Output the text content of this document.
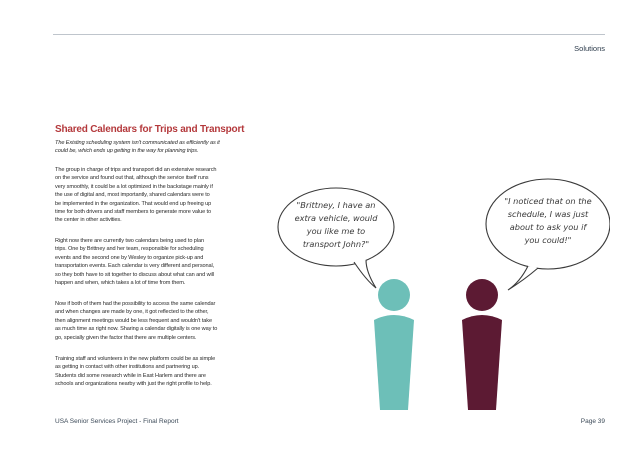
Solutions
Shared Calendars for Trips and Transport
The Existing scheduling system isn't communicated as efficiently as it
could be, which ends up getting in the way for planning trips.
The group in charge of trips and transport did an extensive research
on the service and found out that, although the service itself runs
very smoothly, it could be a lot optimized in the backstage mainly if
the use of digital and, most importantly, shared calendars were to
be implemented in the organization. That would end up freeing up
time for both drivers and staff members to generate more value to
the center in other activities.
Right now there are currently two calendars being used to plan
trips. One by Brittney and her team, responsible for scheduling
events and the second one by Wesley to organize pick-up and
transportation events. Each calendar is very different and personal,
so they both have to sit together to discuss about what can and will
happen and when, which takes a lot of time from them.
Now if both of them had the possibility to access the same calendar
and when changes are made by one, it got reflected to the other,
then alignment meetings would be less frequent and wouldn't take
as much time as right now. Sharing a calendar digitally is one way to
go, specially given the factor that there are multiple centers.
Training staff and volunteers in the new platform could be as simple
as getting in contact with other institutions and partnering up.
Students did some research while in East Harlem and there are
schools and organizations nearby with just the right profile to help.
"Brittney, I have an
extra vehicle, would
you like me to
transport John?"
"I noticed that on the
schedule, I was just
about to ask you if
you could!"
USA Senior Services Project - Final Report	Page 39
